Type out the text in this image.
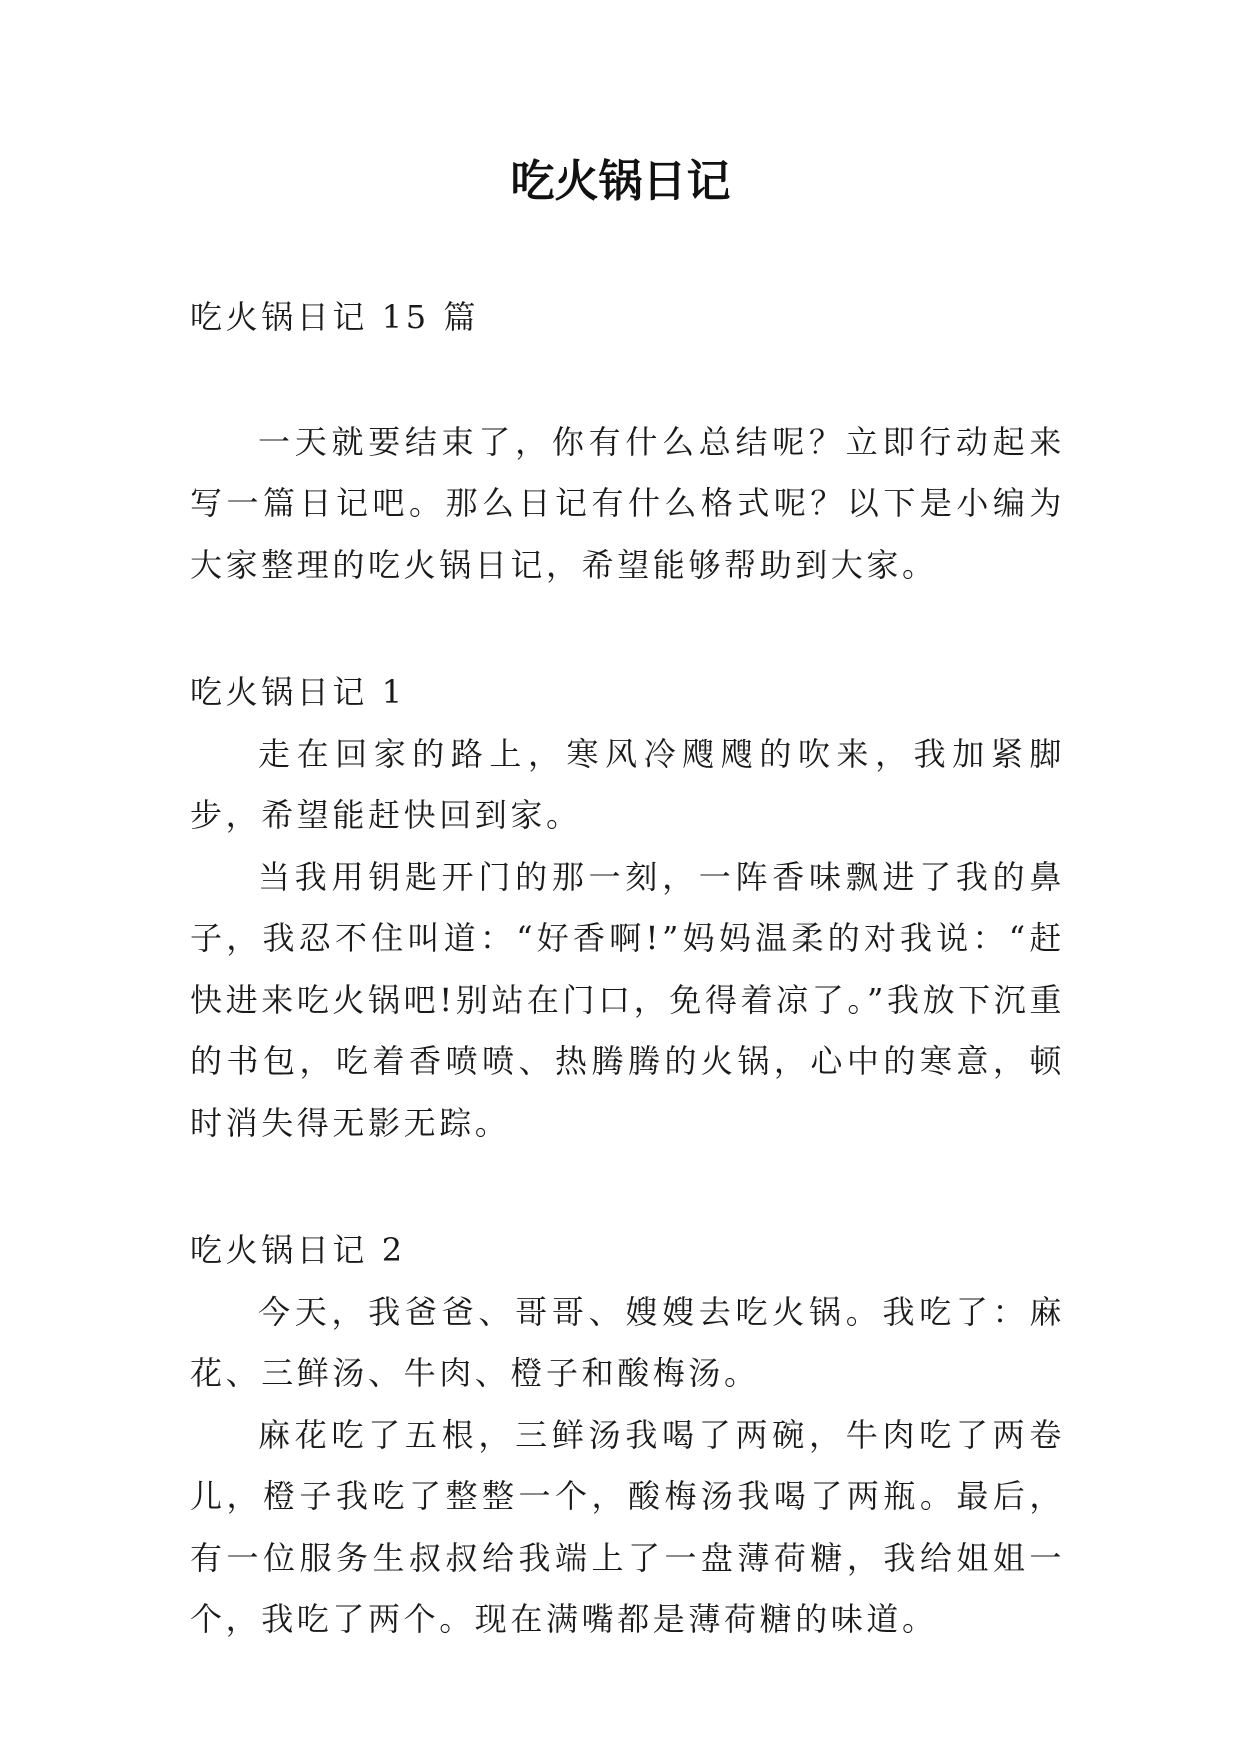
吃火锅日记

吃火锅日记 15 篇

一天就要结束了，你有什么总结呢？立即行动起来写一篇日记吧。那么日记有什么格式呢？以下是小编为大家整理的吃火锅日记，希望能够帮助到大家。

吃火锅日记 1

走在回家的路上，寒风冷飕飕的吹来，我加紧脚步，希望能赶快回到家。

当我用钥匙开门的那一刻，一阵香味飘进了我的鼻子，我忍不住叫道：“好香啊!”妈妈温柔的对我说：“赶快进来吃火锅吧!别站在门口，免得着凉了。”我放下沉重的书包，吃着香喷喷、热腾腾的火锅，心中的寒意，顿时消失得无影无踪。

吃火锅日记 2

今天，我爸爸、哥哥、嫂嫂去吃火锅。我吃了：麻花、三鲜汤、牛肉、橙子和酸梅汤。

麻花吃了五根，三鲜汤我喝了两碗，牛肉吃了两卷儿，橙子我吃了整整一个，酸梅汤我喝了两瓶。最后，有一位服务生叔叔给我端上了一盘薄荷糖，我给姐姐一个，我吃了两个。现在满嘴都是薄荷糖的味道。
